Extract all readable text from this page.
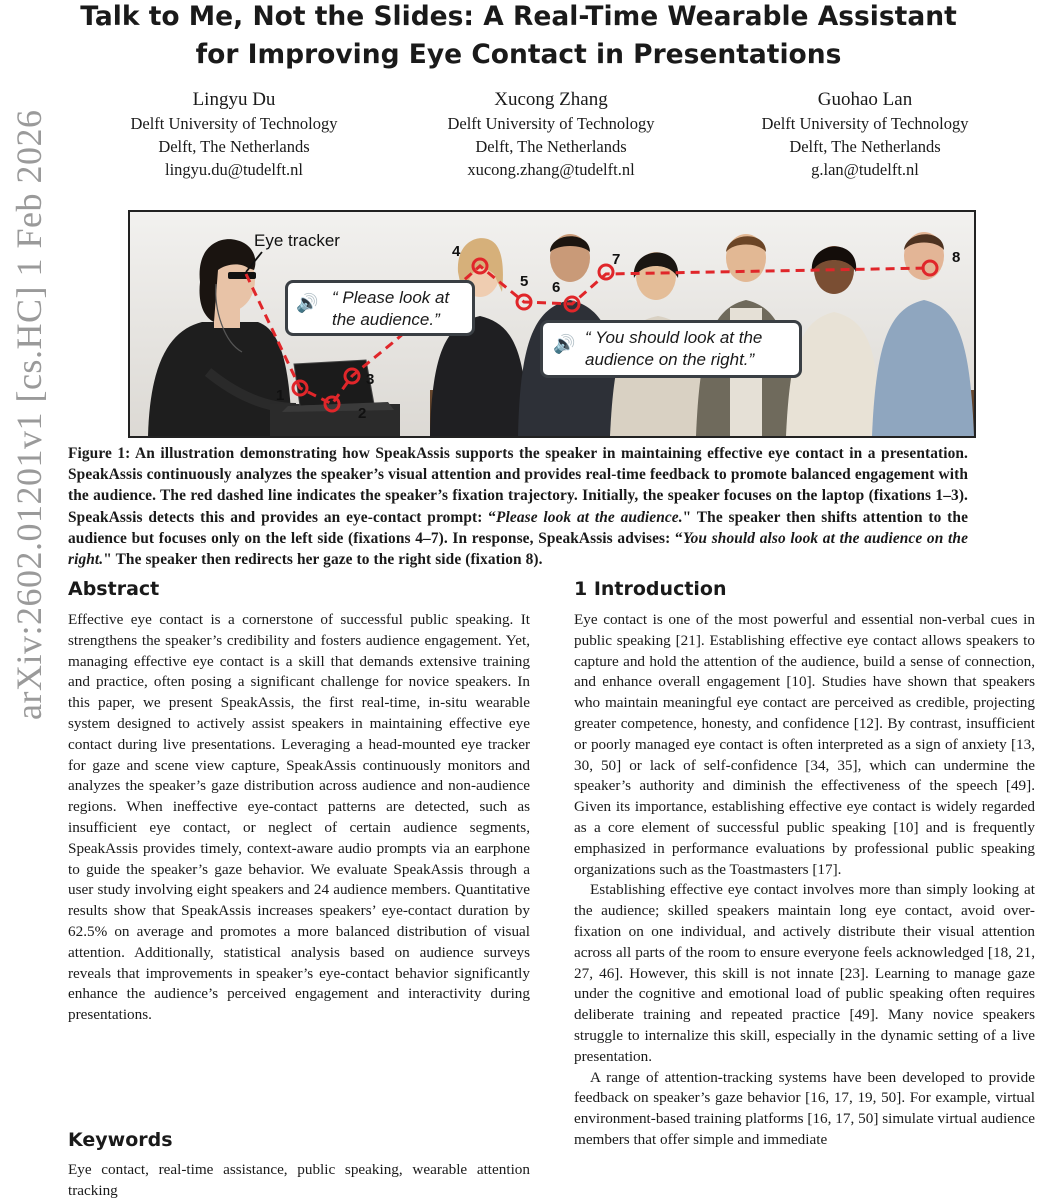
arXiv:2602.01201v1 [cs.HC] 1 Feb 2026
Talk to Me, Not the Slides: A Real-Time Wearable Assistant for Improving Eye Contact in Presentations
Lingyu Du
Delft University of Technology
Delft, The Netherlands
lingyu.du@tudelft.nl
Xucong Zhang
Delft University of Technology
Delft, The Netherlands
xucong.zhang@tudelft.nl
Guohao Lan
Delft University of Technology
Delft, The Netherlands
g.lan@tudelft.nl
Eye tracker
1
2
3
4
5 6
7	8
🔊 “ Please look at the audience.”
🔊 “ You should look at the audience on the right.”
Figure 1: An illustration demonstrating how SpeakAssis supports the speaker in maintaining effective eye contact in a presentation. SpeakAssis continuously analyzes the speaker’s visual attention and provides real-time feedback to promote balanced engagement with the audience. The red dashed line indicates the speaker’s fixation trajectory. Initially, the speaker focuses on the laptop (fixations 1–3). SpeakAssis detects this and provides an eye-contact prompt: “Please look at the audience." The speaker then shifts attention to the audience but focuses only on the left side (fixations 4–7). In response, SpeakAssis advises: “You should also look at the audience on the right." The speaker then redirects her gaze to the right side (fixation 8).
Abstract

Effective eye contact is a cornerstone of successful public speaking. It strengthens the speaker’s credibility and fosters audience engagement. Yet, managing effective eye contact is a skill that demands extensive training and practice, often posing a significant challenge for novice speakers. In this paper, we present SpeakAssis, the first real-time, in-situ wearable system designed to actively assist speakers in maintaining effective eye contact during live presentations. Leveraging a head-mounted eye tracker for gaze and scene view capture, SpeakAssis continuously monitors and analyzes the speaker’s gaze distribution across audience and non-audience regions. When ineffective eye-contact patterns are detected, such as insufficient eye contact, or neglect of certain audience segments, SpeakAssis provides timely, context-aware audio prompts via an earphone to guide the speaker’s gaze behavior. We evaluate SpeakAssis through a user study involving eight speakers and 24 audience members. Quantitative results show that SpeakAssis increases speakers’ eye-contact duration by 62.5% on average and promotes a more balanced distribution of visual attention. Additionally, statistical analysis based on audience surveys reveals that improvements in speaker’s eye-contact behavior significantly enhance the audience’s perceived engagement and interactivity during presentations.

Keywords

Eye contact, real-time assistance, public speaking, wearable attention tracking

1 Introduction

Eye contact is one of the most powerful and essential non-verbal cues in public speaking [21]. Establishing effective eye contact allows speakers to capture and hold the attention of the audience, build a sense of connection, and enhance overall engagement [10]. Studies have shown that speakers who maintain meaningful eye contact are perceived as credible, projecting greater competence, honesty, and confidence [12]. By contrast, insufficient or poorly managed eye contact is often interpreted as a sign of anxiety [13, 30, 50] or lack of self-confidence [34, 35], which can undermine the speaker’s authority and diminish the effectiveness of the speech [49]. Given its importance, establishing effective eye contact is widely regarded as a core element of successful public speaking [10] and is frequently emphasized in performance evaluations by professional public speaking organizations such as the Toastmasters [17].

Establishing effective eye contact involves more than simply looking at the audience; skilled speakers maintain long eye contact, avoid over-fixation on one individual, and actively distribute their visual attention across all parts of the room to ensure everyone feels acknowledged [18, 21, 27, 46]. However, this skill is not innate [23]. Learning to manage gaze under the cognitive and emotional load of public speaking often requires deliberate training and repeated practice [49]. Many novice speakers struggle to internalize this skill, especially in the dynamic setting of a live presentation.

A range of attention-tracking systems have been developed to provide feedback on speaker’s gaze behavior [16, 17, 19, 50]. For example, virtual environment-based training platforms [16, 17, 50] simulate virtual audience members that offer simple and immediate
